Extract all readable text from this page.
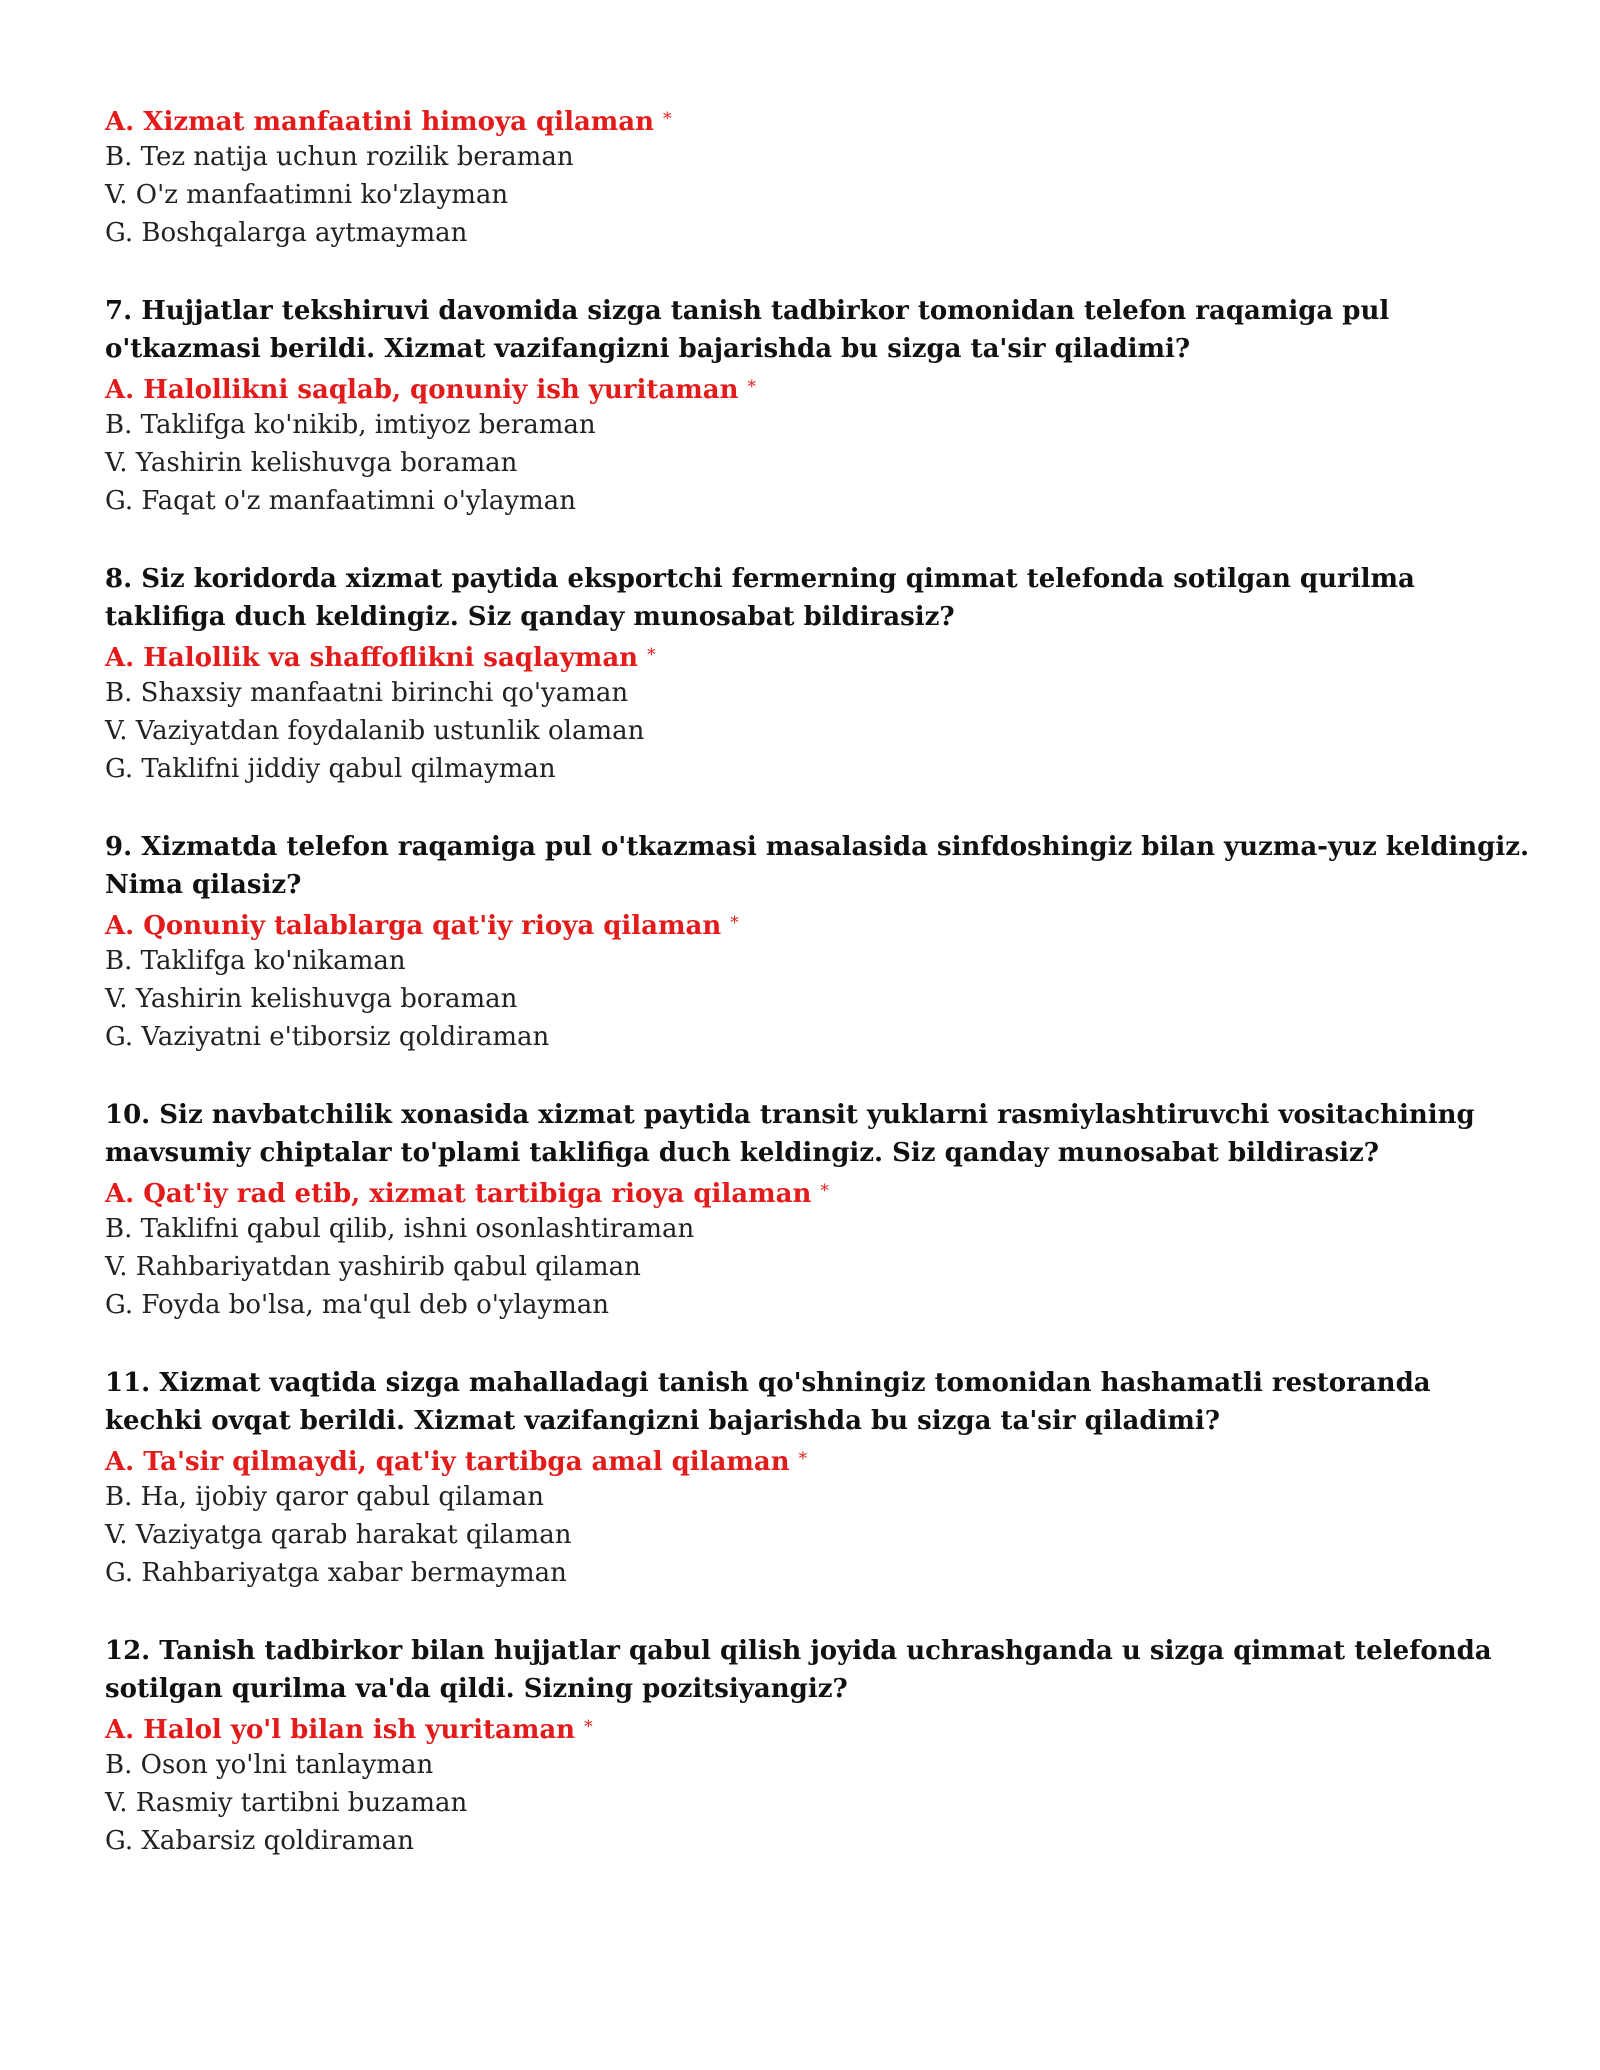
A. Xizmat manfaatini himoya qilaman *

B. Tez natija uchun rozilik beraman

V. O'z manfaatimni ko'zlayman

G. Boshqalarga aytmayman

7. Hujjatlar tekshiruvi davomida sizga tanish tadbirkor tomonidan telefon raqamiga pul o'tkazmasi berildi. Xizmat vazifangizni bajarishda bu sizga ta'sir qiladimi?

A. Halollikni saqlab, qonuniy ish yuritaman *

B. Taklifga ko'nikib, imtiyoz beraman

V. Yashirin kelishuvga boraman

G. Faqat o'z manfaatimni o'ylayman

8. Siz koridorda xizmat paytida eksportchi fermerning qimmat telefonda sotilgan qurilma taklifiga duch keldingiz. Siz qanday munosabat bildirasiz?

A. Halollik va shaffoflikni saqlayman *

B. Shaxsiy manfaatni birinchi qo'yaman

V. Vaziyatdan foydalanib ustunlik olaman

G. Taklifni jiddiy qabul qilmayman

9. Xizmatda telefon raqamiga pul o'tkazmasi masalasida sinfdoshingiz bilan yuzma-yuz keldingiz. Nima qilasiz?

A. Qonuniy talablarga qat'iy rioya qilaman *

B. Taklifga ko'nikaman

V. Yashirin kelishuvga boraman

G. Vaziyatni e'tiborsiz qoldiraman

10. Siz navbatchilik xonasida xizmat paytida transit yuklarni rasmiylashtiruvchi vositachining mavsumiy chiptalar to'plami taklifiga duch keldingiz. Siz qanday munosabat bildirasiz?

A. Qat'iy rad etib, xizmat tartibiga rioya qilaman *

B. Taklifni qabul qilib, ishni osonlashtiraman

V. Rahbariyatdan yashirib qabul qilaman

G. Foyda bo'lsa, ma'qul deb o'ylayman

11. Xizmat vaqtida sizga mahalladagi tanish qo'shningiz tomonidan hashamatli restoranda kechki ovqat berildi. Xizmat vazifangizni bajarishda bu sizga ta'sir qiladimi?

A. Ta'sir qilmaydi, qat'iy tartibga amal qilaman *

B. Ha, ijobiy qaror qabul qilaman

V. Vaziyatga qarab harakat qilaman

G. Rahbariyatga xabar bermayman

12. Tanish tadbirkor bilan hujjatlar qabul qilish joyida uchrashganda u sizga qimmat telefonda sotilgan qurilma va'da qildi. Sizning pozitsiyangiz?

A. Halol yo'l bilan ish yuritaman *

B. Oson yo'lni tanlayman

V. Rasmiy tartibni buzaman

G. Xabarsiz qoldiraman
